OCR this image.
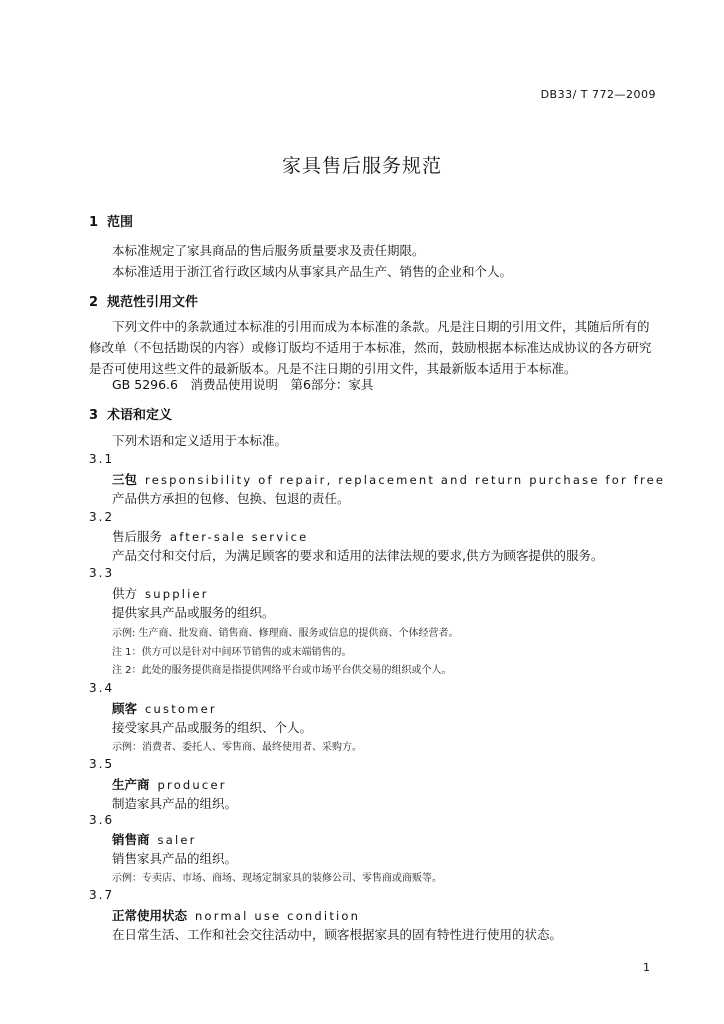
DB33/ T 772—2009
家具售后服务规范
1 范围
本标准规定了家具商品的售后服务质量要求及责任期限。
本标准适用于浙江省行政区域内从事家具产品生产、销售的企业和个人。
2 规范性引用文件
下列文件中的条款通过本标准的引用而成为本标准的条款。凡是注日期的引用文件，其随后所有的修改单（不包括勘误的内容）或修订版均不适用于本标准，然而，鼓励根据本标准达成协议的各方研究是否可使用这些文件的最新版本。凡是不注日期的引用文件，其最新版本适用于本标准。
GB 5296.6　消费品使用说明　第6部分：家具
3 术语和定义
下列术语和定义适用于本标准。
3.1
三包 responsibility of repair, replacement and return purchase for free
产品供方承担的包修、包换、包退的责任。
3.2
售后服务 after-sale service
产品交付和交付后，为满足顾客的要求和适用的法律法规的要求,供方为顾客提供的服务。
3.3
供方 supplier
提供家具产品或服务的组织。
示例: 生产商、批发商、销售商、修理商、服务或信息的提供商、个体经营者。
注 1：供方可以是针对中间环节销售的或末端销售的。
注 2：此处的服务提供商是指提供网络平台或市场平台供交易的组织或个人。
3.4
顾客 customer
接受家具产品或服务的组织、个人。
示例：消费者、委托人、零售商、最终使用者、采购方。
3.5
生产商 producer
制造家具产品的组织。
3.6
销售商 saler
销售家具产品的组织。
示例：专卖店、市场、商场、现场定制家具的装修公司、零售商或商贩等。
3.7
正常使用状态 normal use condition
在日常生活、工作和社会交往活动中，顾客根据家具的固有特性进行使用的状态。
1
